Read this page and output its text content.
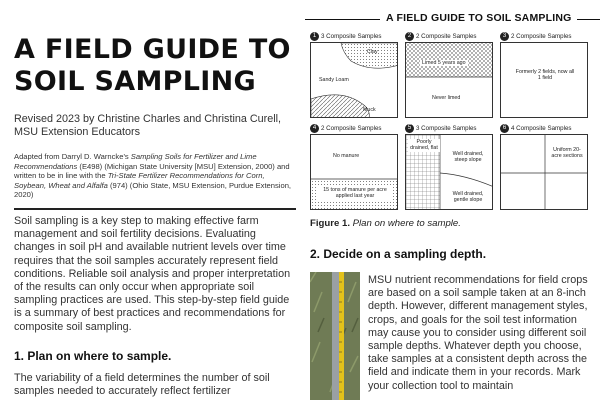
A FIELD GUIDE TO SOIL SAMPLING
A FIELD GUIDE TO
SOIL SAMPLING
Revised 2023 by Christine Charles and Christina Curell, MSU Extension Educators
Adapted from Darryl D. Warncke's Sampling Soils for Fertilizer and Lime Recommendations (E498) (Michigan State University [MSU] Extension, 2000) and written to be in line with the Tri-State Fertilizer Recommendations for Corn, Soybean, Wheat and Alfalfa (974) (Ohio State, MSU Extension, Purdue Extension, 2020)
Soil sampling is a key step to making effective farm management and soil fertility decisions. Evaluating changes in soil pH and available nutrient levels over time requires that the soil samples accurately represent field conditions. Reliable soil analysis and proper interpretation of the results can only occur when appropriate soil sampling practices are used. This step-by-step field guide is a summary of best practices and recommendations for composite soil sampling.
1. Plan on where to sample.
The variability of a field determines the number of soil samples needed to accurately reflect fertilizer
1 3 Composite Samples
Clay
Sandy Loam
Muck
2 2 Composite Samples
Limed 5 years ago
Never limed
3 2 Composite Samples
Formerly 2 fields, now all 1 field
4 2 Composite Samples
No manure
15 tons of manure per acre applied last year
5 3 Composite Samples
Poorly drained, flat
Well drained, steep slope
Well drained, gentle slope
6 4 Composite Samples
Uniform 20-acre sections
Figure 1. Plan on where to sample.
2. Decide on a sampling depth.
MSU nutrient recommendations for field crops are based on a soil sample taken at an 8-inch depth. However, different management styles, crops, and goals for the soil test information may cause you to consider using different soil sample depths. Whatever depth you choose, take samples at a consistent depth across the field and indicate them in your records. Mark your collection tool to maintain
